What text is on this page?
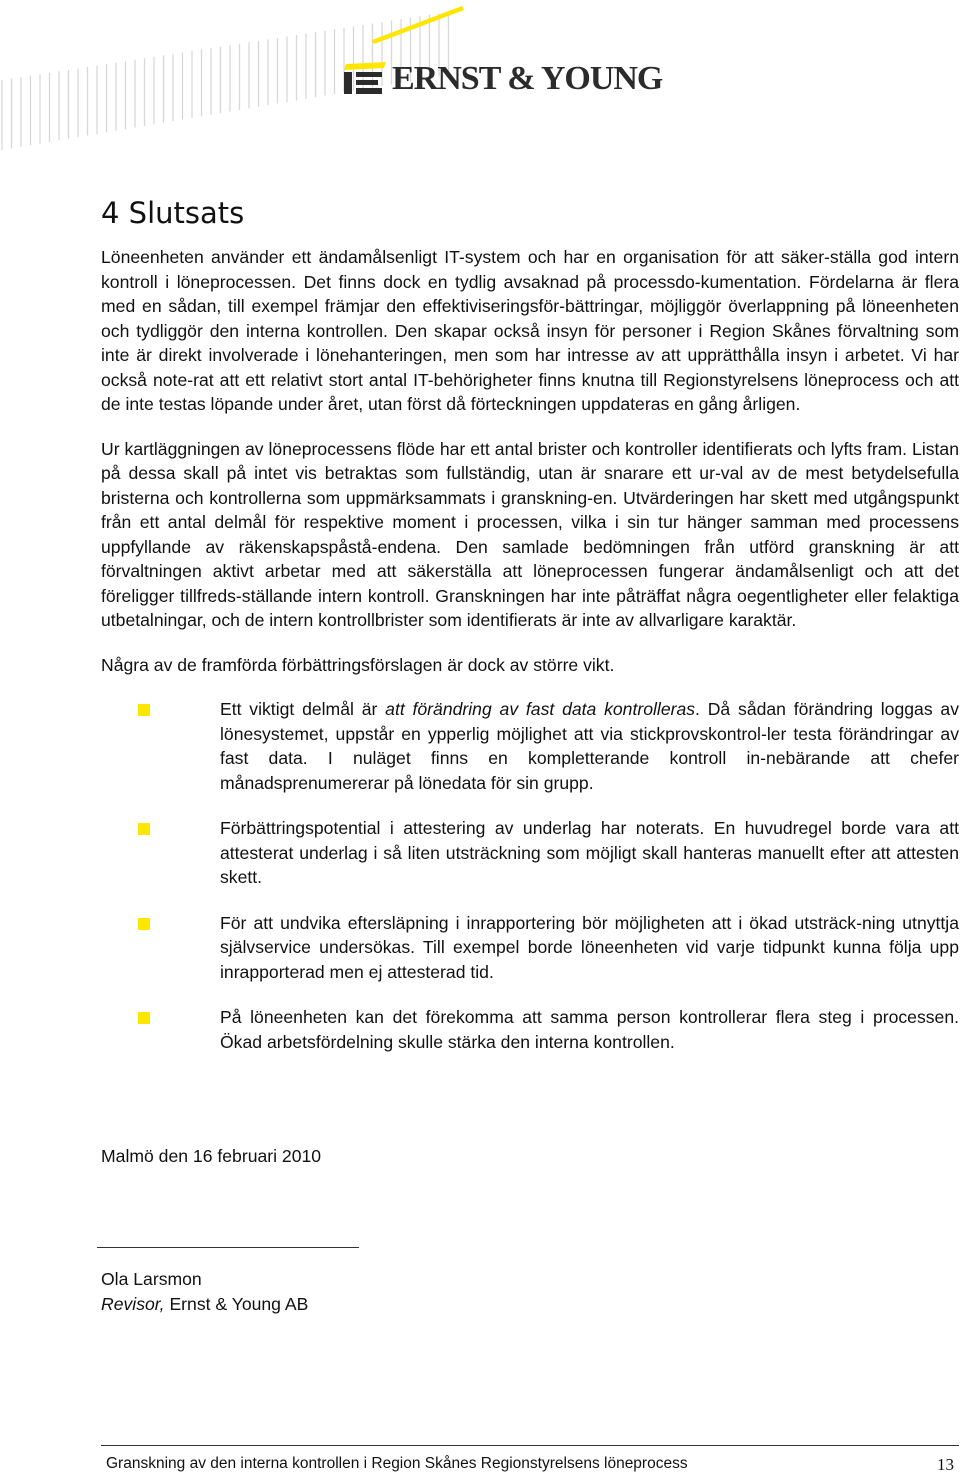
ERNST & YOUNG
4 Slutsats

Löneenheten använder ett ändamålsenligt IT-system och har en organisation för att säker-ställa god intern kontroll i löneprocessen. Det finns dock en tydlig avsaknad på processdo-kumentation. Fördelarna är flera med en sådan, till exempel främjar den effektiviseringsför-bättringar, möjliggör överlappning på löneenheten och tydliggör den interna kontrollen. Den skapar också insyn för personer i Region Skånes förvaltning som inte är direkt involverade i lönehanteringen, men som har intresse av att upprätthålla insyn i arbetet. Vi har också note-rat att ett relativt stort antal IT-behörigheter finns knutna till Regionstyrelsens löneprocess och att de inte testas löpande under året, utan först då förteckningen uppdateras en gång årligen.

Ur kartläggningen av löneprocessens flöde har ett antal brister och kontroller identifierats och lyfts fram. Listan på dessa skall på intet vis betraktas som fullständig, utan är snarare ett ur-val av de mest betydelsefulla bristerna och kontrollerna som uppmärksammats i granskning-en. Utvärderingen har skett med utgångspunkt från ett antal delmål för respektive moment i processen, vilka i sin tur hänger samman med processens uppfyllande av räkenskapspåstå-endena. Den samlade bedömningen från utförd granskning är att förvaltningen aktivt arbetar med att säkerställa att löneprocessen fungerar ändamålsenligt och att det föreligger tillfreds-ställande intern kontroll. Granskningen har inte påträffat några oegentligheter eller felaktiga utbetalningar, och de intern kontrollbrister som identifierats är inte av allvarligare karaktär.

Några av de framförda förbättringsförslagen är dock av större vikt.

Ett viktigt delmål är att förändring av fast data kontrolleras. Då sådan förändring loggas av lönesystemet, uppstår en ypperlig möjlighet att via stickprovskontrol-ler testa förändringar av fast data. I nuläget finns en kompletterande kontroll in-nebärande att chefer månadsprenumererar på lönedata för sin grupp.
Förbättringspotential i attestering av underlag har noterats. En huvudregel borde vara att attesterat underlag i så liten utsträckning som möjligt skall hanteras manuellt efter att attesten skett.
För att undvika eftersläpning i inrapportering bör möjligheten att i ökad utsträck-ning utnyttja självservice undersökas. Till exempel borde löneenheten vid varje tidpunkt kunna följa upp inrapporterad men ej attesterad tid.
På löneenheten kan det förekomma att samma person kontrollerar flera steg i processen. Ökad arbetsfördelning skulle stärka den interna kontrollen.
Malmö den 16 februari 2010
Ola Larsmon
Revisor, Ernst & Young AB
Granskning av den interna kontrollen i Region Skånes Regionstyrelsens löneprocess	13
